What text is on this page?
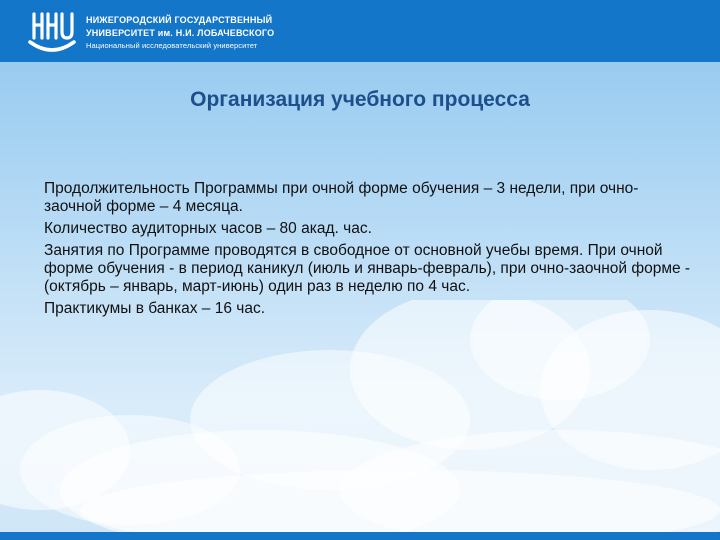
НИЖЕГОРОДСКИЙ ГОСУДАРСТВЕННЫЙ
УНИВЕРСИТЕТ им. Н.И. ЛОБАЧЕВСКОГО
Национальный исследовательский университет
Организация учебного процесса

Продолжительность Программы при очной форме обучения – 3 недели, при очно-заочной форме – 4 месяца.

Количество аудиторных часов – 80 акад. час.

Занятия по Программе проводятся в свободное от основной учебы время. При очной форме обучения - в период каникул (июль и январь-февраль), при очно-заочной форме -(октябрь – январь, март-июнь) один раз в неделю по 4 час.

Практикумы в банках – 16 час.
